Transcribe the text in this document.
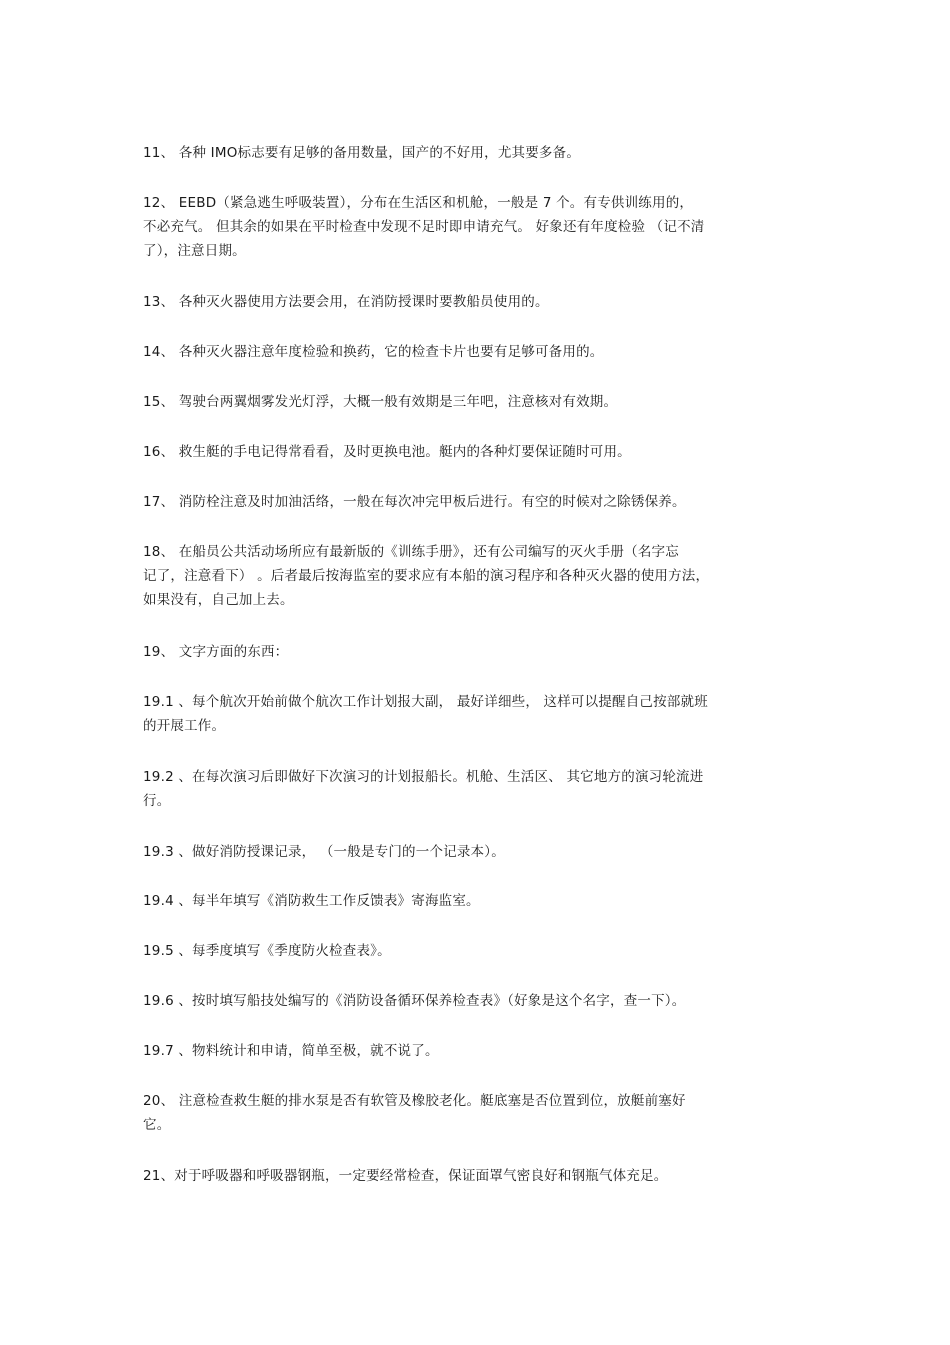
11、 各种 IMO标志要有足够的备用数量，国产的不好用，尤其要多备。
12、 EEBD（紧急逃生呼吸装置），分布在生活区和机舱，一般是 7 个。有专供训练用的，
不必充气。 但其余的如果在平时检查中发现不足时即申请充气。 好象还有年度检验 （记不清
了），注意日期。
13、 各种灭火器使用方法要会用，在消防授课时要教船员使用的。
14、 各种灭火器注意年度检验和换药，它的检查卡片也要有足够可备用的。
15、 驾驶台两翼烟雾发光灯浮，大概一般有效期是三年吧，注意核对有效期。
16、 救生艇的手电记得常看看，及时更换电池。艇内的各种灯要保证随时可用。
17、 消防栓注意及时加油活络，一般在每次冲完甲板后进行。有空的时候对之除锈保养。
18、 在船员公共活动场所应有最新版的《训练手册》，还有公司编写的灭火手册（名字忘
记了，注意看下） 。后者最后按海监室的要求应有本船的演习程序和各种灭火器的使用方法，
如果没有，自己加上去。
19、 文字方面的东西：
19.1 、每个航次开始前做个航次工作计划报大副， 最好详细些， 这样可以提醒自己按部就班
的开展工作。
19.2 、在每次演习后即做好下次演习的计划报船长。机舱、生活区、 其它地方的演习轮流进
行。
19.3 、做好消防授课记录， （一般是专门的一个记录本）。
19.4 、每半年填写《消防救生工作反馈表》寄海监室。
19.5 、每季度填写《季度防火检查表》。
19.6 、按时填写船技处编写的《消防设备循环保养检查表》（好象是这个名字，查一下）。
19.7 、物料统计和申请，简单至极，就不说了。
20、 注意检查救生艇的排水泵是否有软管及橡胶老化。艇底塞是否位置到位，放艇前塞好
它。
21、对于呼吸器和呼吸器钢瓶，一定要经常检查，保证面罩气密良好和钢瓶气体充足。
